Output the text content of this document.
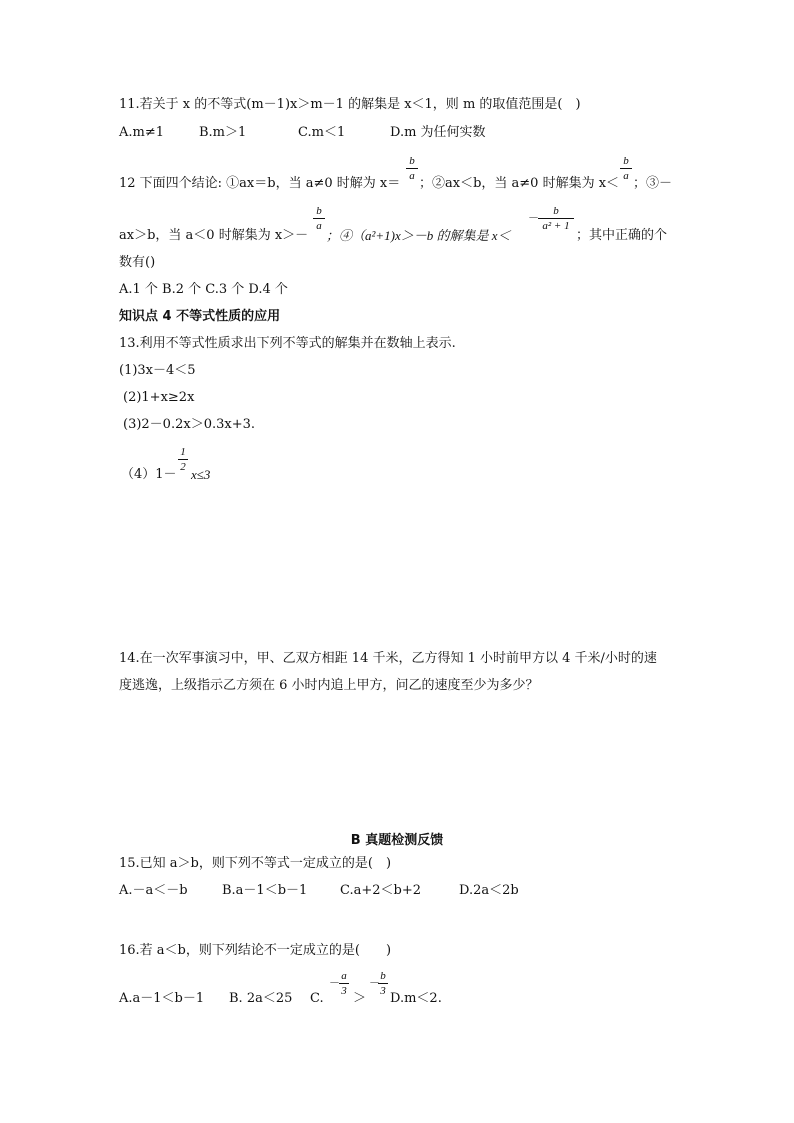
11.若关于 x 的不等式(m－1)x＞m－1 的解集是 x＜1，则 m 的取值范围是(　)
A.m≠1	B.m＞1	C.m＜1	D.m 为任何实数
12 下面四个结论: ①ax＝b，当 a≠0 时解为 x＝
b
a ；②ax＜b，当 a≠0 时解集为 x＜
b
a ；③－
ax＞b，当 a＜0 时解集为 x＞－
b
a
；④（a²+1)x＞－b 的解集是 x＜
－	b
a² + 1
；其中正确的个
数有()
A.1 个 B.2 个 C.3 个 D.4 个
知识点 4 不等式性质的应用
13.利用不等式性质求出下列不等式的解集并在数轴上表示.
(1)3x－4＜5
(2)1+x≥2x
(3)2－0.2x＞0.3x+3.
（4）1－
1
2 x≤3
14.在一次军事演习中，甲、乙双方相距 14 千米，乙方得知 1 小时前甲方以 4 千米/小时的速
度逃逸，上级指示乙方须在 6 小时内追上甲方，问乙的速度至少为多少？
B 真题检测反馈
15.已知 a＞b，则下列不等式一定成立的是(　)
A.－a＜－b	B.a－1＜b－1	C.a+2＜b+2	D.2a＜2b
16.若 a＜b，则下列结论不一定成立的是(　　)
A.a－1＜b－1 B. 2a＜25 C.
－ a
3 ＞
－ b
3 D.m＜2.
